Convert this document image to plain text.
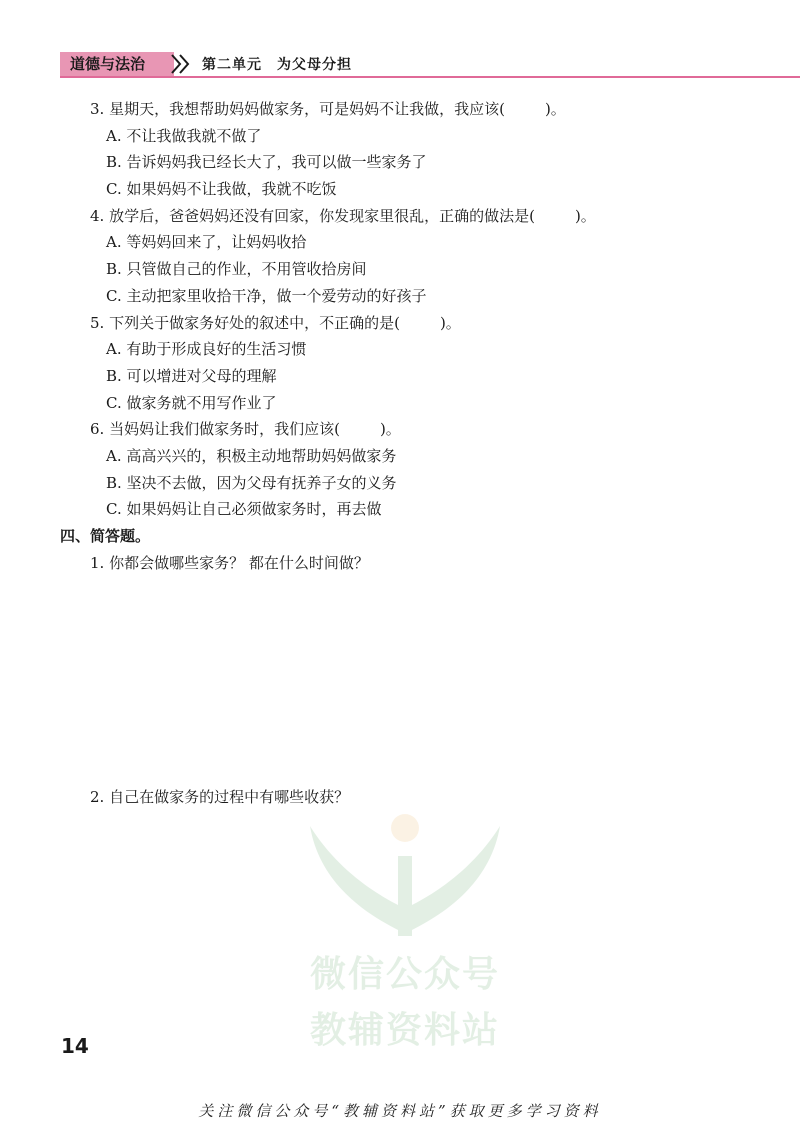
道德与法治	第二单元　为父母分担
3. 星期天，我想帮助妈妈做家务，可是妈妈不让我做，我应该(	)。
A. 不让我做我就不做了
B. 告诉妈妈我已经长大了，我可以做一些家务了
C. 如果妈妈不让我做，我就不吃饭
4. 放学后，爸爸妈妈还没有回家，你发现家里很乱，正确的做法是(	)。
A. 等妈妈回来了，让妈妈收拾
B. 只管做自己的作业，不用管收拾房间
C. 主动把家里收拾干净，做一个爱劳动的好孩子
5. 下列关于做家务好处的叙述中，不正确的是(	)。
A. 有助于形成良好的生活习惯
B. 可以增进对父母的理解
C. 做家务就不用写作业了
6. 当妈妈让我们做家务时，我们应该(	)。
A. 高高兴兴的，积极主动地帮助妈妈做家务
B. 坚决不去做，因为父母有抚养子女的义务
C. 如果妈妈让自己必须做家务时，再去做
四、简答题。
1. 你都会做哪些家务？ 都在什么时间做？
2. 自己在做家务的过程中有哪些收获？
微信公众号
教辅资料站
14
关注微信公众号“教辅资料站”获取更多学习资料
